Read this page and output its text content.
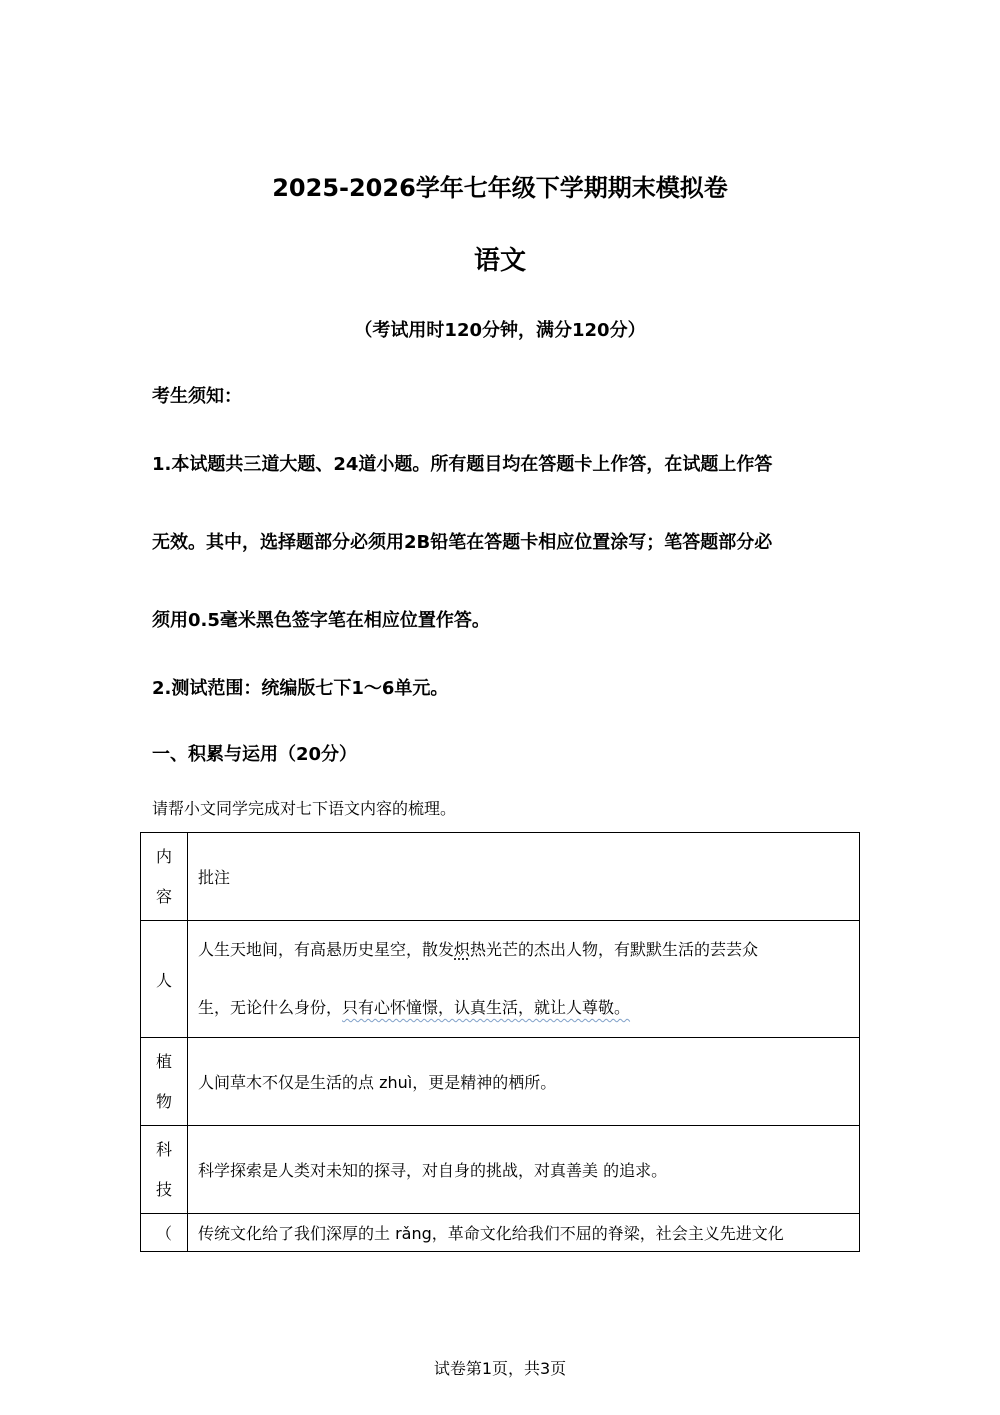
2025-2026学年七年级下学期期末模拟卷
语文
（考试用时120分钟，满分120分）
考生须知：
1.本试题共三道大题、24道小题。所有题目均在答题卡上作答，在试题上作答
无效。其中，选择题部分必须用2B铅笔在答题卡相应位置涂写；笔答题部分必
须用0.5毫米黑色签字笔在相应位置作答。
2.测试范围：统编版七下1～6单元。
一、积累与运用（20分）
请帮小文同学完成对七下语文内容的梳理。
内
容	批注
人	人生天地间，有高悬历史星空，散发炽热光芒的杰出人物，有默默生活的芸芸众
生，无论什么身份，只有心怀憧憬，认真生活，就让人尊敬。

植
物	人间草木不仅是生活的点 zhuì，更是精神的栖所。

科
技	科学探索是人类对未知的探寻，对自身的挑战，对真善美 的追求。
（	传统文化给了我们深厚的土 rǎng，革命文化给我们不屈的脊梁，社会主义先进文化
试卷第1页，共3页
